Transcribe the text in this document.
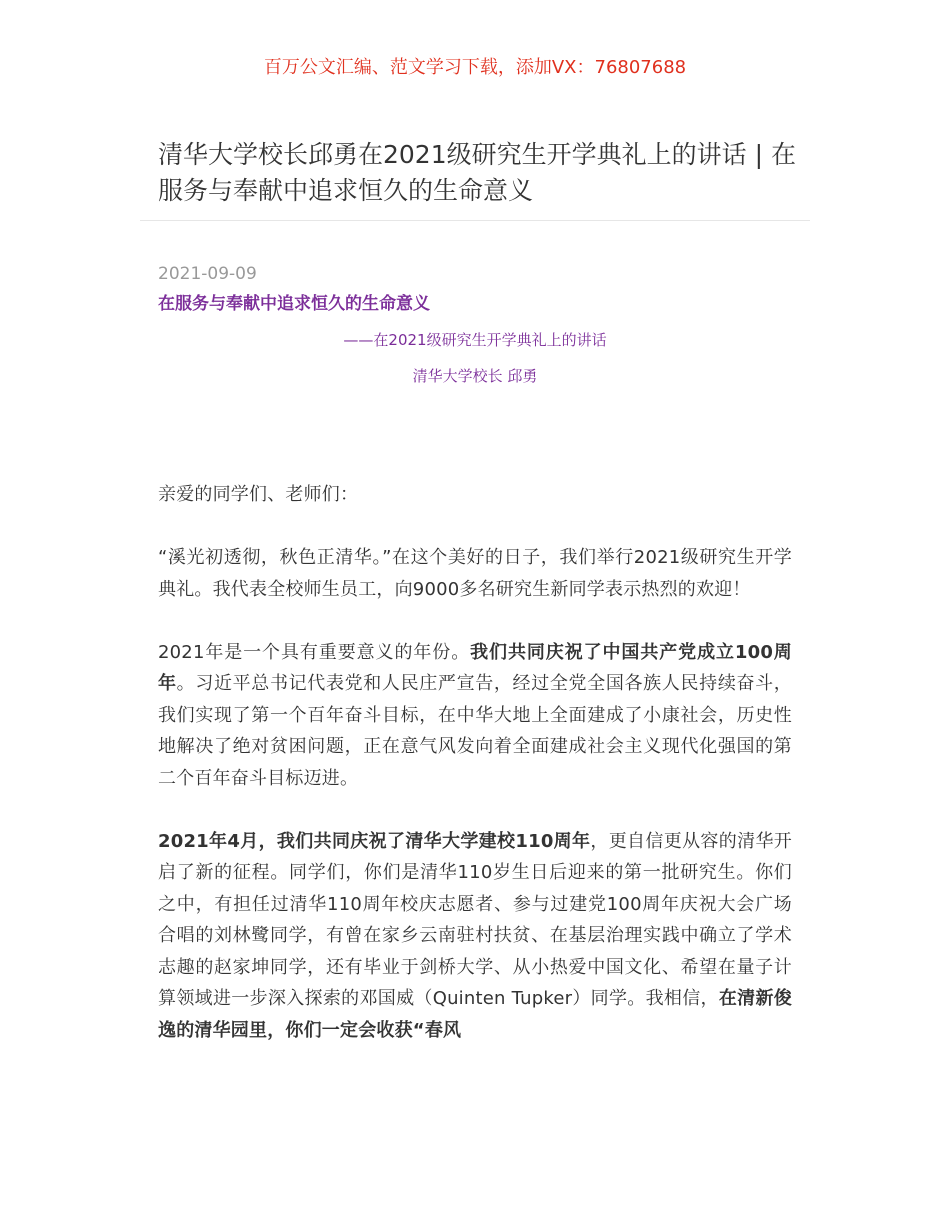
百万公文汇编、范文学习下载，添加VX：76807688
清华大学校长邱勇在2021级研究生开学典礼上的讲话 | 在服务与奉献中追求恒久的生命意义
2021-09-09
在服务与奉献中追求恒久的生命意义
——在2021级研究生开学典礼上的讲话
清华大学校长 邱勇

亲爱的同学们、老师们：

“溪光初透彻，秋色正清华。”在这个美好的日子，我们举行2021级研究生开学典礼。我代表全校师生员工，向9000多名研究生新同学表示热烈的欢迎！

2021年是一个具有重要意义的年份。我们共同庆祝了中国共产党成立100周年。习近平总书记代表党和人民庄严宣告，经过全党全国各族人民持续奋斗，我们实现了第一个百年奋斗目标，在中华大地上全面建成了小康社会，历史性地解决了绝对贫困问题，正在意气风发向着全面建成社会主义现代化强国的第二个百年奋斗目标迈进。

2021年4月，我们共同庆祝了清华大学建校110周年，更自信更从容的清华开启了新的征程。同学们，你们是清华110岁生日后迎来的第一批研究生。你们之中，有担任过清华110周年校庆志愿者、参与过建党100周年庆祝大会广场合唱的刘林鹭同学，有曾在家乡云南驻村扶贫、在基层治理实践中确立了学术志趣的赵家坤同学，还有毕业于剑桥大学、从小热爱中国文化、希望在量子计算领域进一步深入探索的邓国威（Quinten Tupker）同学。我相信，在清新俊逸的清华园里，你们一定会收获“春风
